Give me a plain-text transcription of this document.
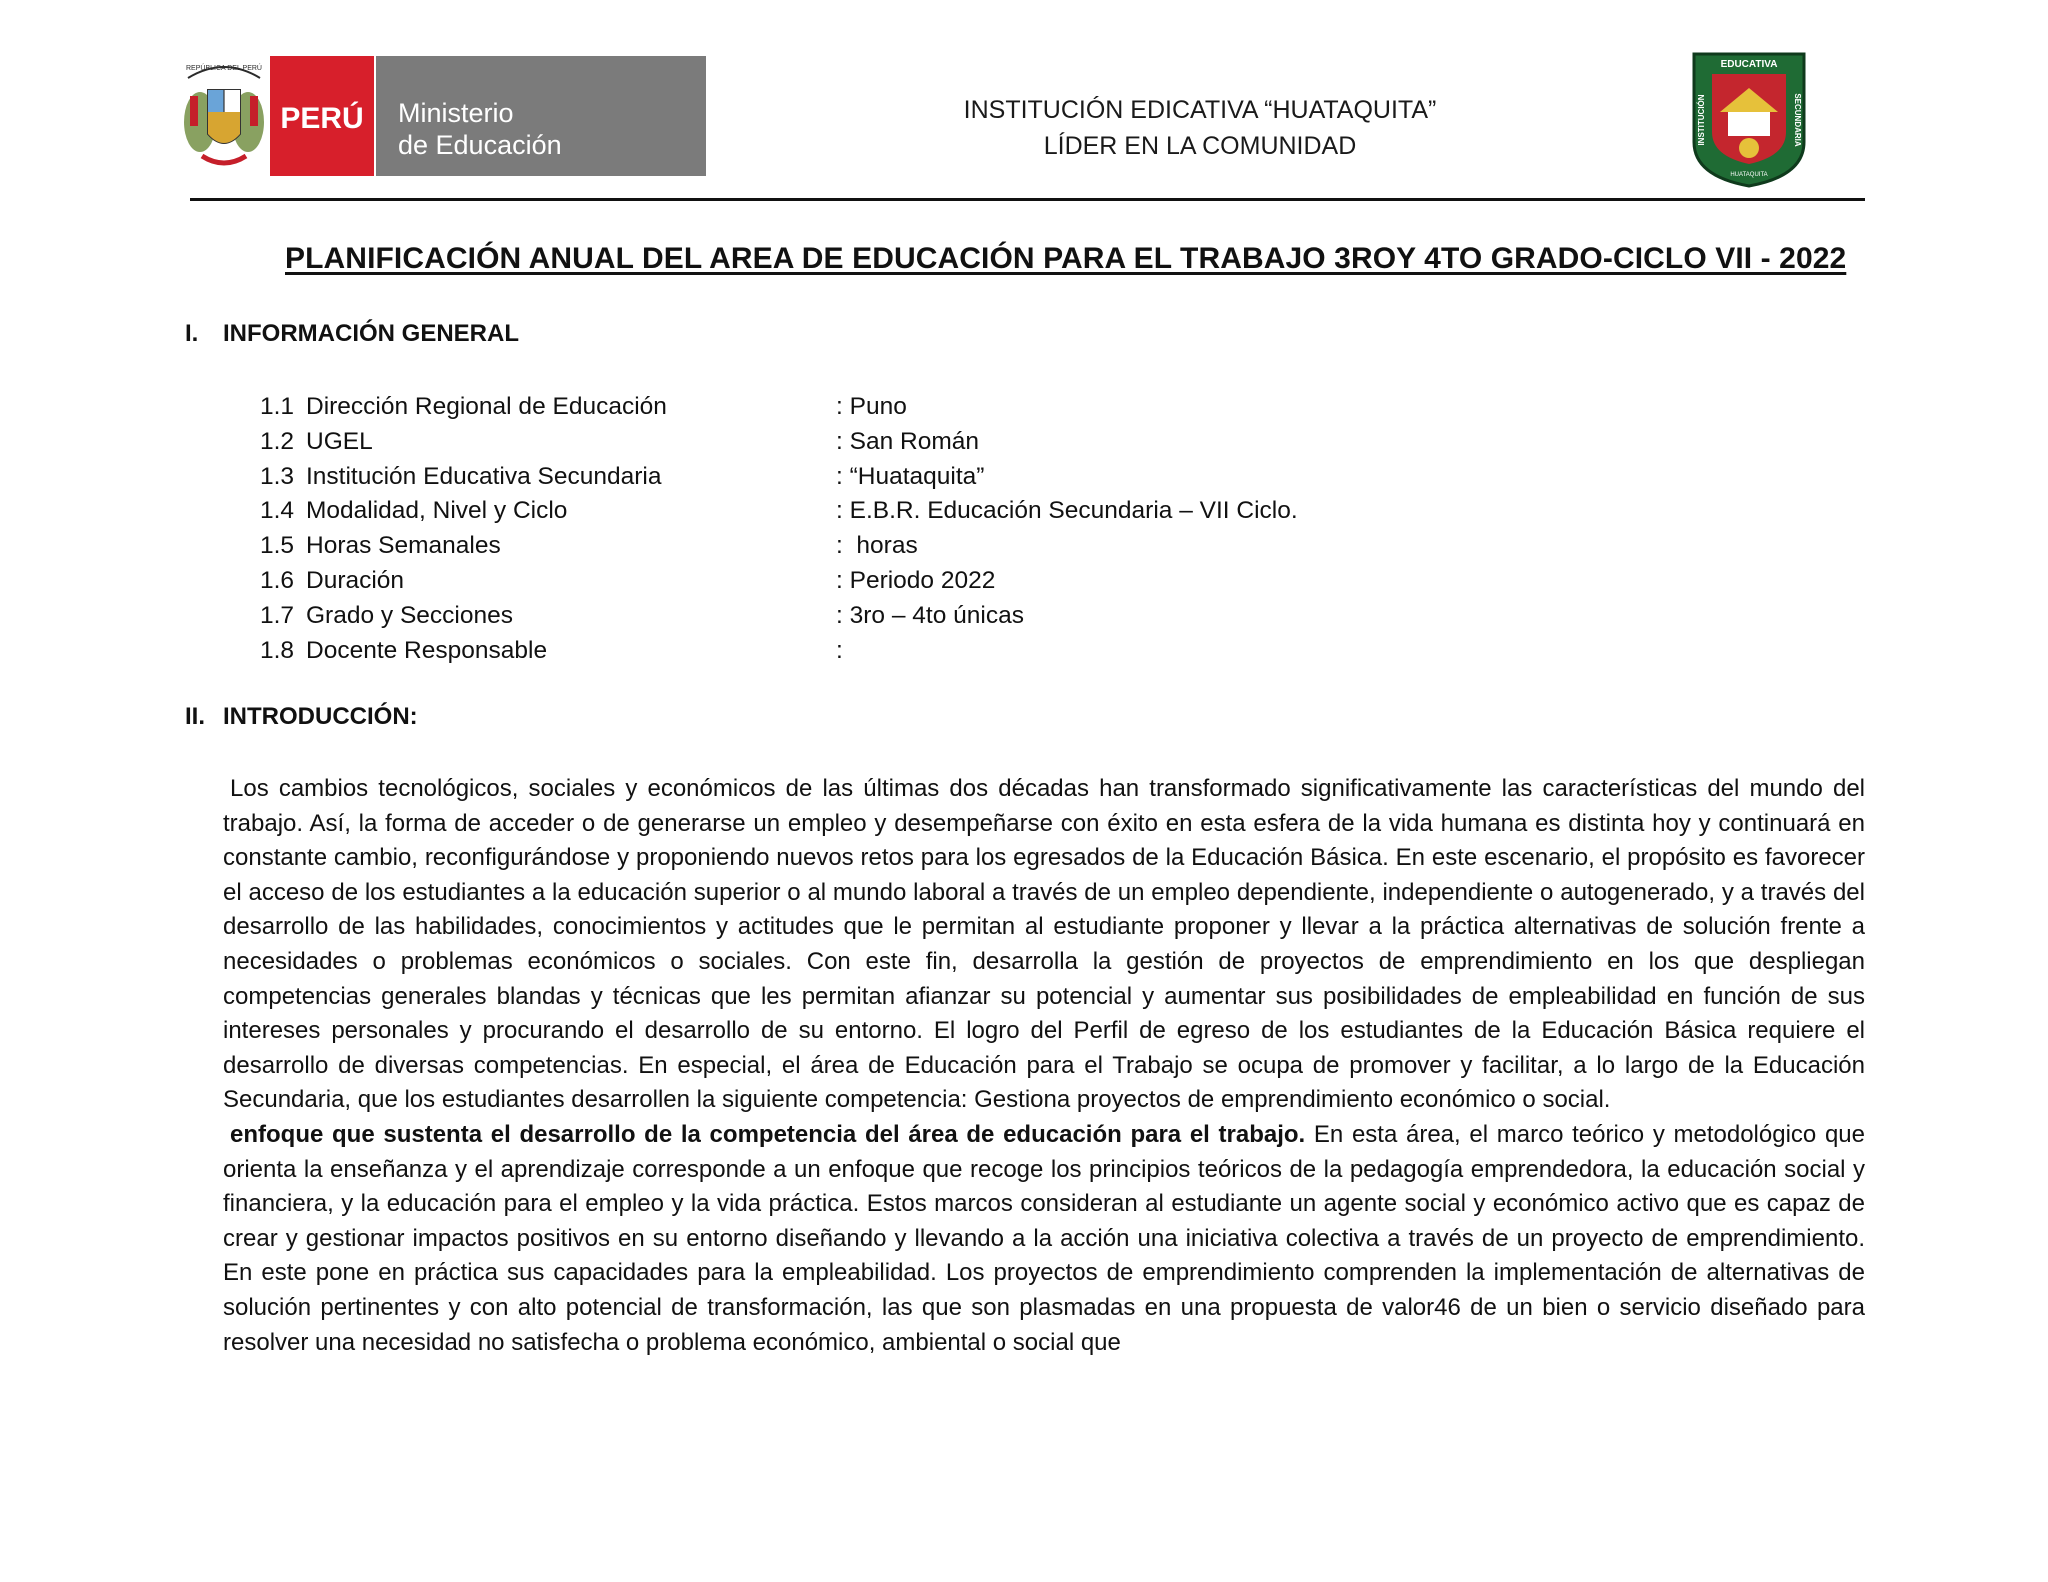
REPÚBLICA DEL PERÚ
PERÚ Ministerio
de Educación
INSTITUCIÓN EDICATIVA “HUATAQUITA”
LÍDER EN LA COMUNIDAD
EDUCATIVA
INSTITUCIÓN	SECUNDARIA
HUATAQUITA
PLANIFICACIÓN ANUAL DEL AREA DE EDUCACIÓN PARA EL TRABAJO 3ROY 4TO GRADO-CICLO VII - 2022
I. INFORMACIÓN GENERAL
1.1 Dirección Regional de Educación	: Puno
1.2 UGEL	: San Román
1.3 Institución Educativa Secundaria	: “Huataquita”
1.4 Modalidad, Nivel y Ciclo	: E.B.R. Educación Secundaria – VII Ciclo.
1.5 Horas Semanales	:  horas
1.6 Duración	: Periodo 2022
1.7 Grado y Secciones	: 3ro – 4to únicas
1.8 Docente Responsable	:
II. INTRODUCCIÓN:

Los cambios tecnológicos, sociales y económicos de las últimas dos décadas han transformado significativamente las características del mundo del trabajo. Así, la forma de acceder o de generarse un empleo y desempeñarse con éxito en esta esfera de la vida humana es distinta hoy y continuará en constante cambio, reconfigurándose y proponiendo nuevos retos para los egresados de la Educación Básica. En este escenario, el propósito es favorecer el acceso de los estudiantes a la educación superior o al mundo laboral a través de un empleo dependiente, independiente o autogenerado, y a través del desarrollo de las habilidades, conocimientos y actitudes que le permitan al estudiante proponer y llevar a la práctica alternativas de solución frente a necesidades o problemas económicos o sociales. Con este fin, desarrolla la gestión de proyectos de emprendimiento en los que despliegan competencias generales blandas y técnicas que les permitan afianzar su potencial y aumentar sus posibilidades de empleabilidad en función de sus intereses personales y procurando el desarrollo de su entorno. El logro del Perfil de egreso de los estudiantes de la Educación Básica requiere el desarrollo de diversas competencias. En especial, el área de Educación para el Trabajo se ocupa de promover y facilitar, a lo largo de la Educación Secundaria, que los estudiantes desarrollen la siguiente competencia: Gestiona proyectos de emprendimiento económico o social.

enfoque que sustenta el desarrollo de la competencia del área de educación para el trabajo. En esta área, el marco teórico y metodológico que orienta la enseñanza y el aprendizaje corresponde a un enfoque que recoge los principios teóricos de la pedagogía emprendedora, la educación social y financiera, y la educación para el empleo y la vida práctica. Estos marcos consideran al estudiante un agente social y económico activo que es capaz de crear y gestionar impactos positivos en su entorno diseñando y llevando a la acción una iniciativa colectiva a través de un proyecto de emprendimiento. En este pone en práctica sus capacidades para la empleabilidad. Los proyectos de emprendimiento comprenden la implementación de alternativas de solución pertinentes y con alto potencial de transformación, las que son plasmadas en una propuesta de valor46 de un bien o servicio diseñado para resolver una necesidad no satisfecha o problema económico, ambiental o social que
